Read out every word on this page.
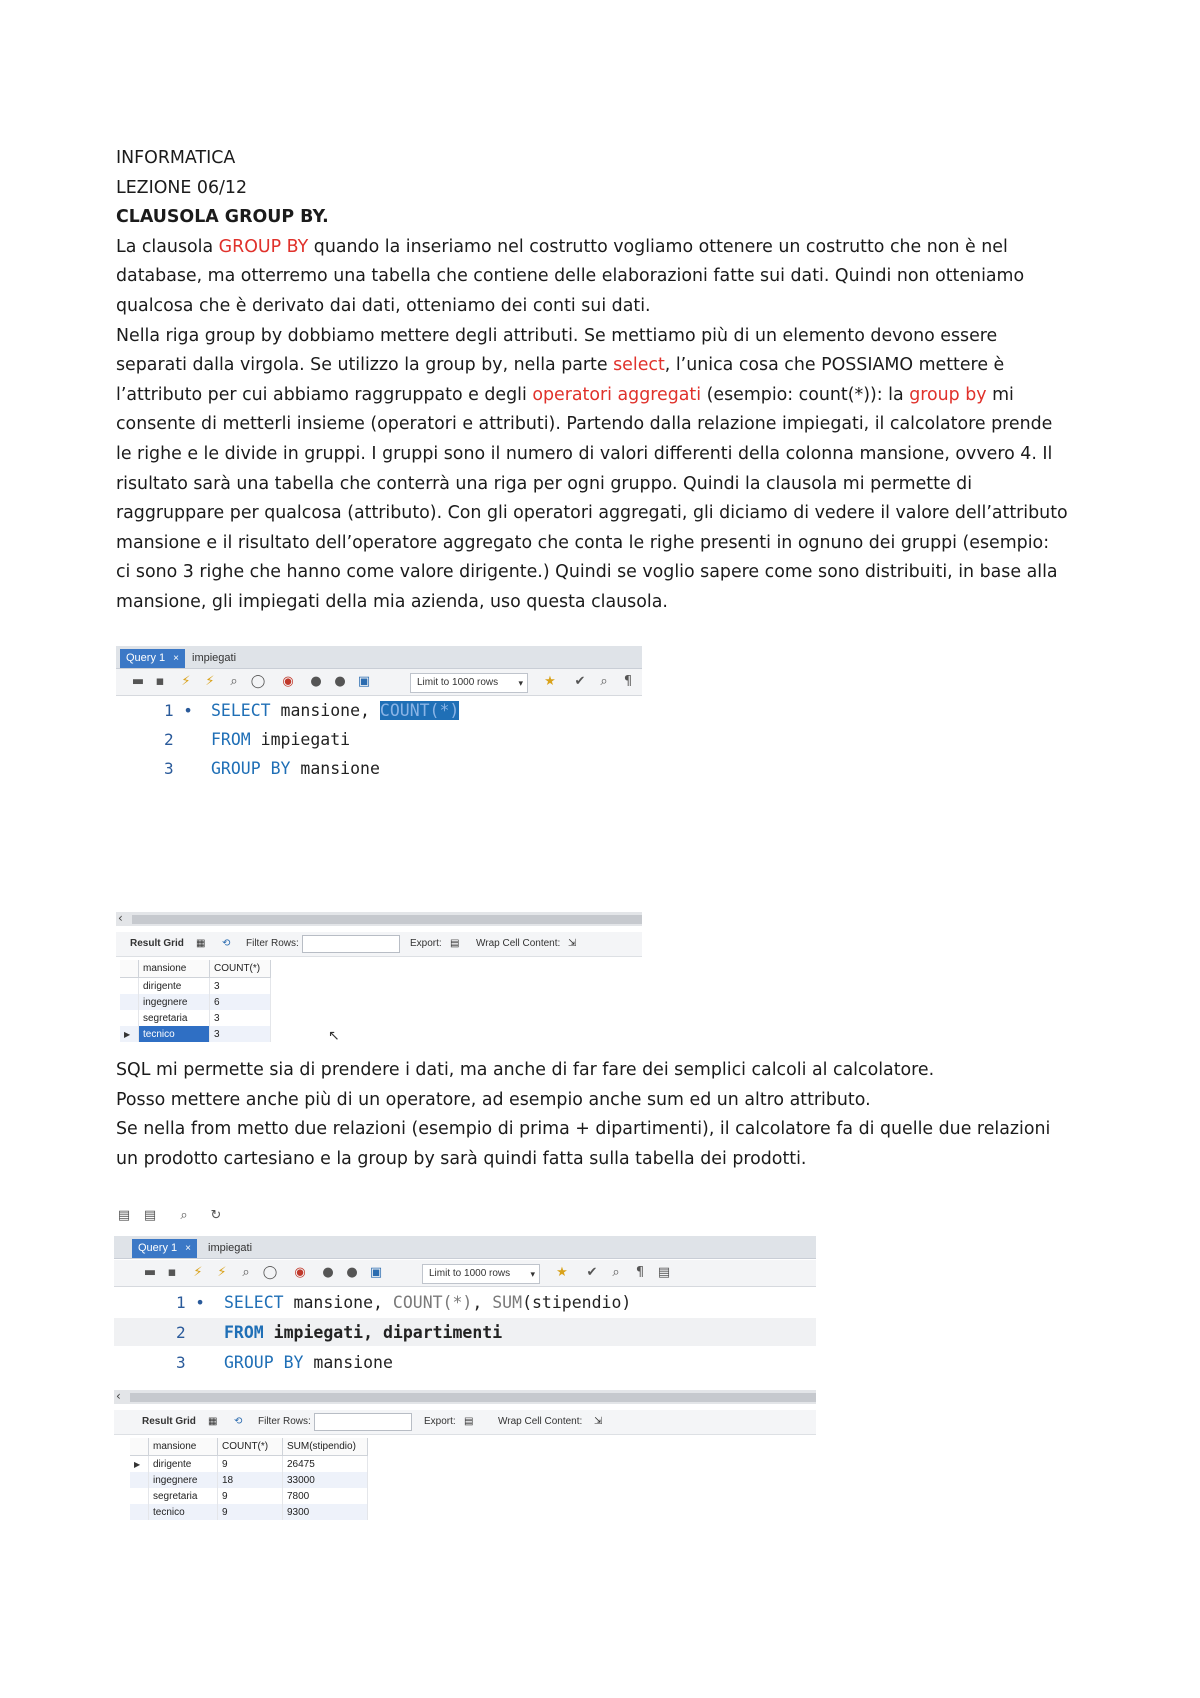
INFORMATICA
LEZIONE 06/12
CLAUSOLA GROUP BY.
La clausola GROUP BY quando la inseriamo nel costrutto vogliamo ottenere un costrutto che non è nel
database, ma otterremo una tabella che contiene delle elaborazioni fatte sui dati. Quindi non otteniamo
qualcosa che è derivato dai dati, otteniamo dei conti sui dati.
Nella riga group by dobbiamo mettere degli attributi. Se mettiamo più di un elemento devono essere
separati dalla virgola. Se utilizzo la group by, nella parte select, l’unica cosa che POSSIAMO mettere è
l’attributo per cui abbiamo raggruppato e degli operatori aggregati (esempio: count(*)): la group by mi
consente di metterli insieme (operatori e attributi). Partendo dalla relazione impiegati, il calcolatore prende
le righe e le divide in gruppi. I gruppi sono il numero di valori differenti della colonna mansione, ovvero 4. Il
risultato sarà una tabella che conterrà una riga per ogni gruppo. Quindi la clausola mi permette di
raggruppare per qualcosa (attributo). Con gli operatori aggregati, gli diciamo di vedere il valore dell’attributo
mansione e il risultato dell’operatore aggregato che conta le righe presenti in ognuno dei gruppi (esempio:
ci sono 3 righe che hanno come valore dirigente.) Quindi se voglio sapere come sono distribuiti, in base alla
mansione, gli impiegati della mia azienda, uso questa clausola.
Query 1 ×	impiegati
▬ ▪ ⚡ ⚡	⌕	◯ ◉ ● ● ▣	Limit to 1000 rows ▾ ★ ✔	⌕	¶
1 •
2
3
SELECT mansione, COUNT(*)
FROM impiegati
GROUP BY mansione
‹
Result Grid ▦ ⟲ Filter Rows:	Export: ▤ Wrap Cell Content: ⇲
	mansione	COUNT(*)
	dirigente	3
	ingegnere	6
	segretaria	3
▶	tecnico	3	↖
SQL mi permette sia di prendere i dati, ma anche di far fare dei semplici calcoli al calcolatore.
Posso mettere anche più di un operatore, ad esempio anche sum ed un altro attributo.
Se nella from metto due relazioni (esempio di prima + dipartimenti), il calcolatore fa di quelle due relazioni
un prodotto cartesiano e la group by sarà quindi fatta sulla tabella dei prodotti.
▤ ▤	⌕	↻
Query 1 ×	impiegati
▬ ▪ ⚡ ⚡	⌕	◯ ◉ ● ● ▣	Limit to 1000 rows ▾ ★ ✔	⌕	¶ ▤
1 •
2
3
SELECT mansione, COUNT(*), SUM(stipendio)
FROM impiegati, dipartimenti
GROUP BY mansione
‹
Result Grid ▦ ⟲ Filter Rows:	Export: ▤ Wrap Cell Content: ⇲
	mansione	COUNT(*)	SUM(stipendio)
▶	dirigente	9	26475
	ingegnere	18	33000
	segretaria	9	7800
	tecnico	9	9300
